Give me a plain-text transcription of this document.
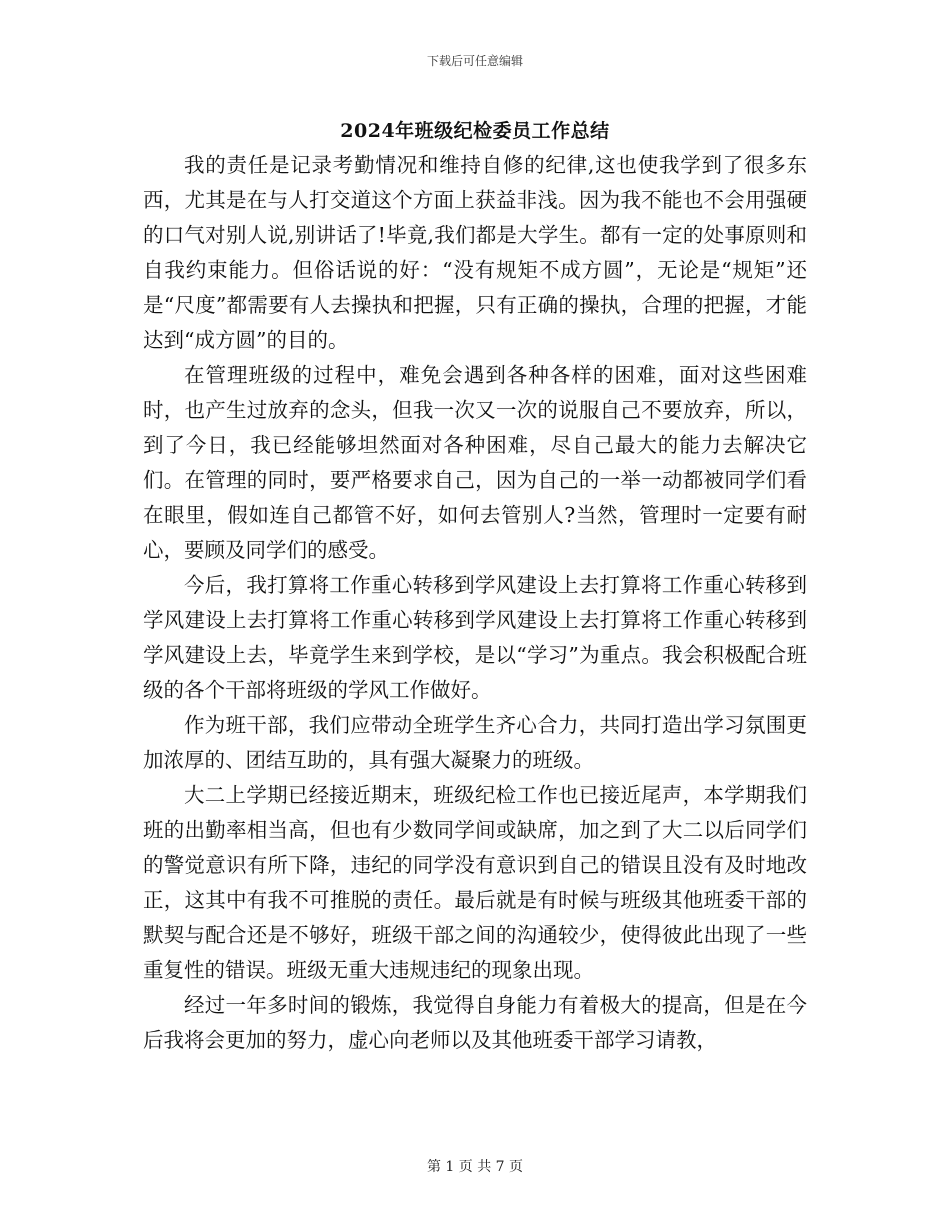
下载后可任意编辑
2024年班级纪检委员工作总结

我的责任是记录考勤情况和维持自修的纪律,这也使我学到了很多东西，尤其是在与人打交道这个方面上获益非浅。因为我不能也不会用强硬的口气对别人说,别讲话了!毕竟,我们都是大学生。都有一定的处事原则和自我约束能力。但俗话说的好：“没有规矩不成方圆”，无论是“规矩”还是“尺度”都需要有人去操执和把握，只有正确的操执，合理的把握，才能达到“成方圆”的目的。

在管理班级的过程中，难免会遇到各种各样的困难，面对这些困难时，也产生过放弃的念头，但我一次又一次的说服自己不要放弃，所以，到了今日，我已经能够坦然面对各种困难，尽自己最大的能力去解决它们。在管理的同时，要严格要求自己，因为自己的一举一动都被同学们看在眼里，假如连自己都管不好，如何去管别人?当然，管理时一定要有耐心，要顾及同学们的感受。

今后，我打算将工作重心转移到学风建设上去打算将工作重心转移到学风建设上去打算将工作重心转移到学风建设上去打算将工作重心转移到学风建设上去，毕竟学生来到学校，是以“学习”为重点。我会积极配合班级的各个干部将班级的学风工作做好。

作为班干部，我们应带动全班学生齐心合力，共同打造出学习氛围更加浓厚的、团结互助的，具有强大凝聚力的班级。

大二上学期已经接近期末，班级纪检工作也已接近尾声，本学期我们班的出勤率相当高，但也有少数同学间或缺席，加之到了大二以后同学们的警觉意识有所下降，违纪的同学没有意识到自己的错误且没有及时地改正，这其中有我不可推脱的责任。最后就是有时候与班级其他班委干部的默契与配合还是不够好，班级干部之间的沟通较少，使得彼此出现了一些重复性的错误。班级无重大违规违纪的现象出现。

经过一年多时间的锻炼，我觉得自身能力有着极大的提高，但是在今后我将会更加的努力，虚心向老师以及其他班委干部学习请教，

第 1 页 共 7 页
